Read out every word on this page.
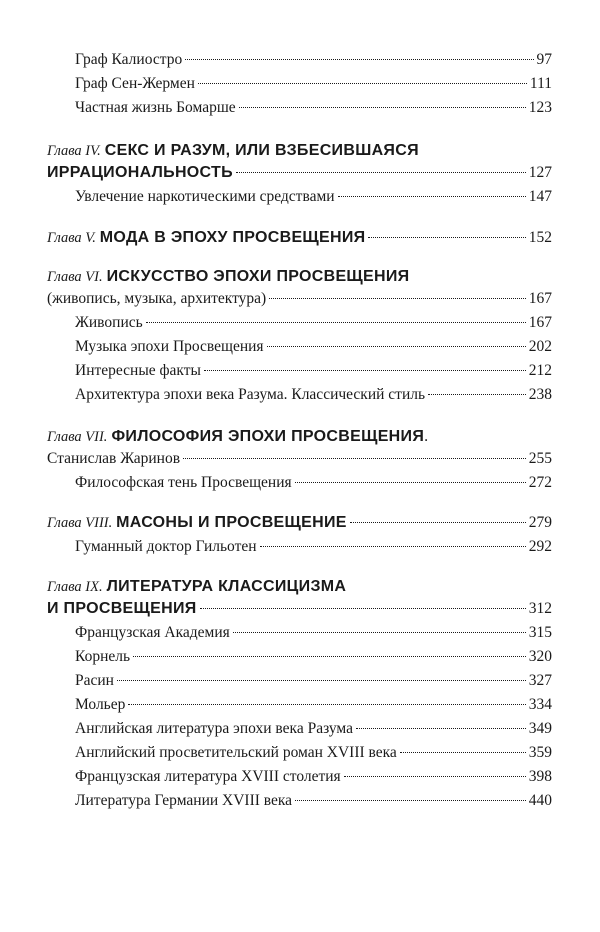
Граф Калиостро	97
Граф Сен-Жермен	111
Частная жизнь Бомарше	123
Глава IV. СЕКС И РАЗУМ, ИЛИ ВЗБЕСИВШАЯСЯ
ИРРАЦИОНАЛЬНОСТЬ	127
Увлечение наркотическими средствами	147
Глава V. МОДА В ЭПОХУ ПРОСВЕЩЕНИЯ	152
Глава VI. ИСКУССТВО ЭПОХИ ПРОСВЕЩЕНИЯ
(живопись, музыка, архитектура)	167
Живопись	167
Музыка эпохи Просвещения	202
Интересные факты	212
Архитектура эпохи века Разума. Классический стиль	238
Глава VII. ФИЛОСОФИЯ ЭПОХИ ПРОСВЕЩЕНИЯ.
Станислав Жаринов	255
Философская тень Просвещения	272
Глава VIII. МАСОНЫ И ПРОСВЕЩЕНИЕ	279
Гуманный доктор Гильотен	292
Глава IX. ЛИТЕРАТУРА КЛАССИЦИЗМА
И ПРОСВЕЩЕНИЯ	312
Французская Академия	315
Корнель	320
Расин	327
Мольер	334
Английская литература эпохи века Разума	349
Английский просветительский роман XVIII века	359
Французская литература XVIII столетия	398
Литература Германии XVIII века	440
